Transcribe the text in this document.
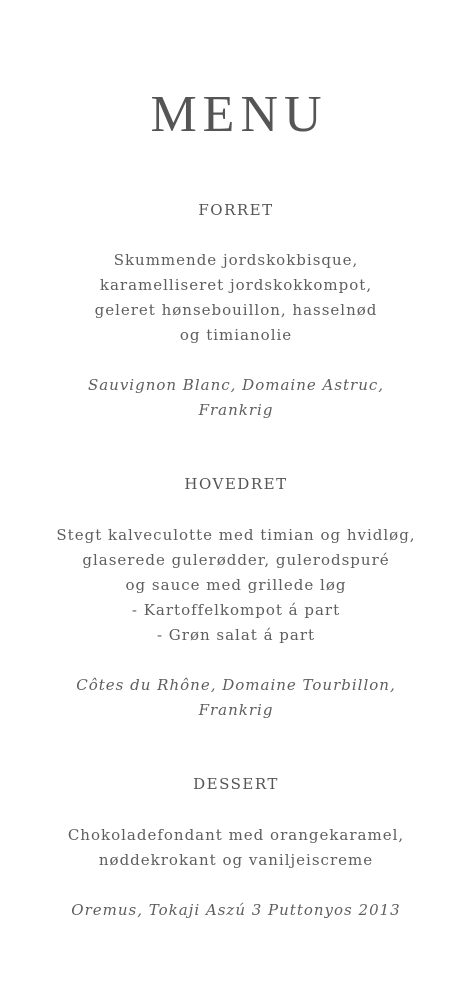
MENU
FORRET
Skummende jordskokbisque,
karamelliseret jordskokkompot,
geleret hønsebouillon, hasselnød
og timianolie
Sauvignon Blanc, Domaine Astruc,
Frankrig
HOVEDRET
Stegt kalveculotte med timian og hvidløg,
glaserede gulerødder, gulerodspuré
og sauce med grillede løg
- Kartoffelkompot á part
- Grøn salat á part
Côtes du Rhône, Domaine Tourbillon,
Frankrig
DESSERT
Chokoladefondant med orangekaramel,
nøddekrokant og vaniljeiscreme
Oremus, Tokaji Aszú 3 Puttonyos 2013
